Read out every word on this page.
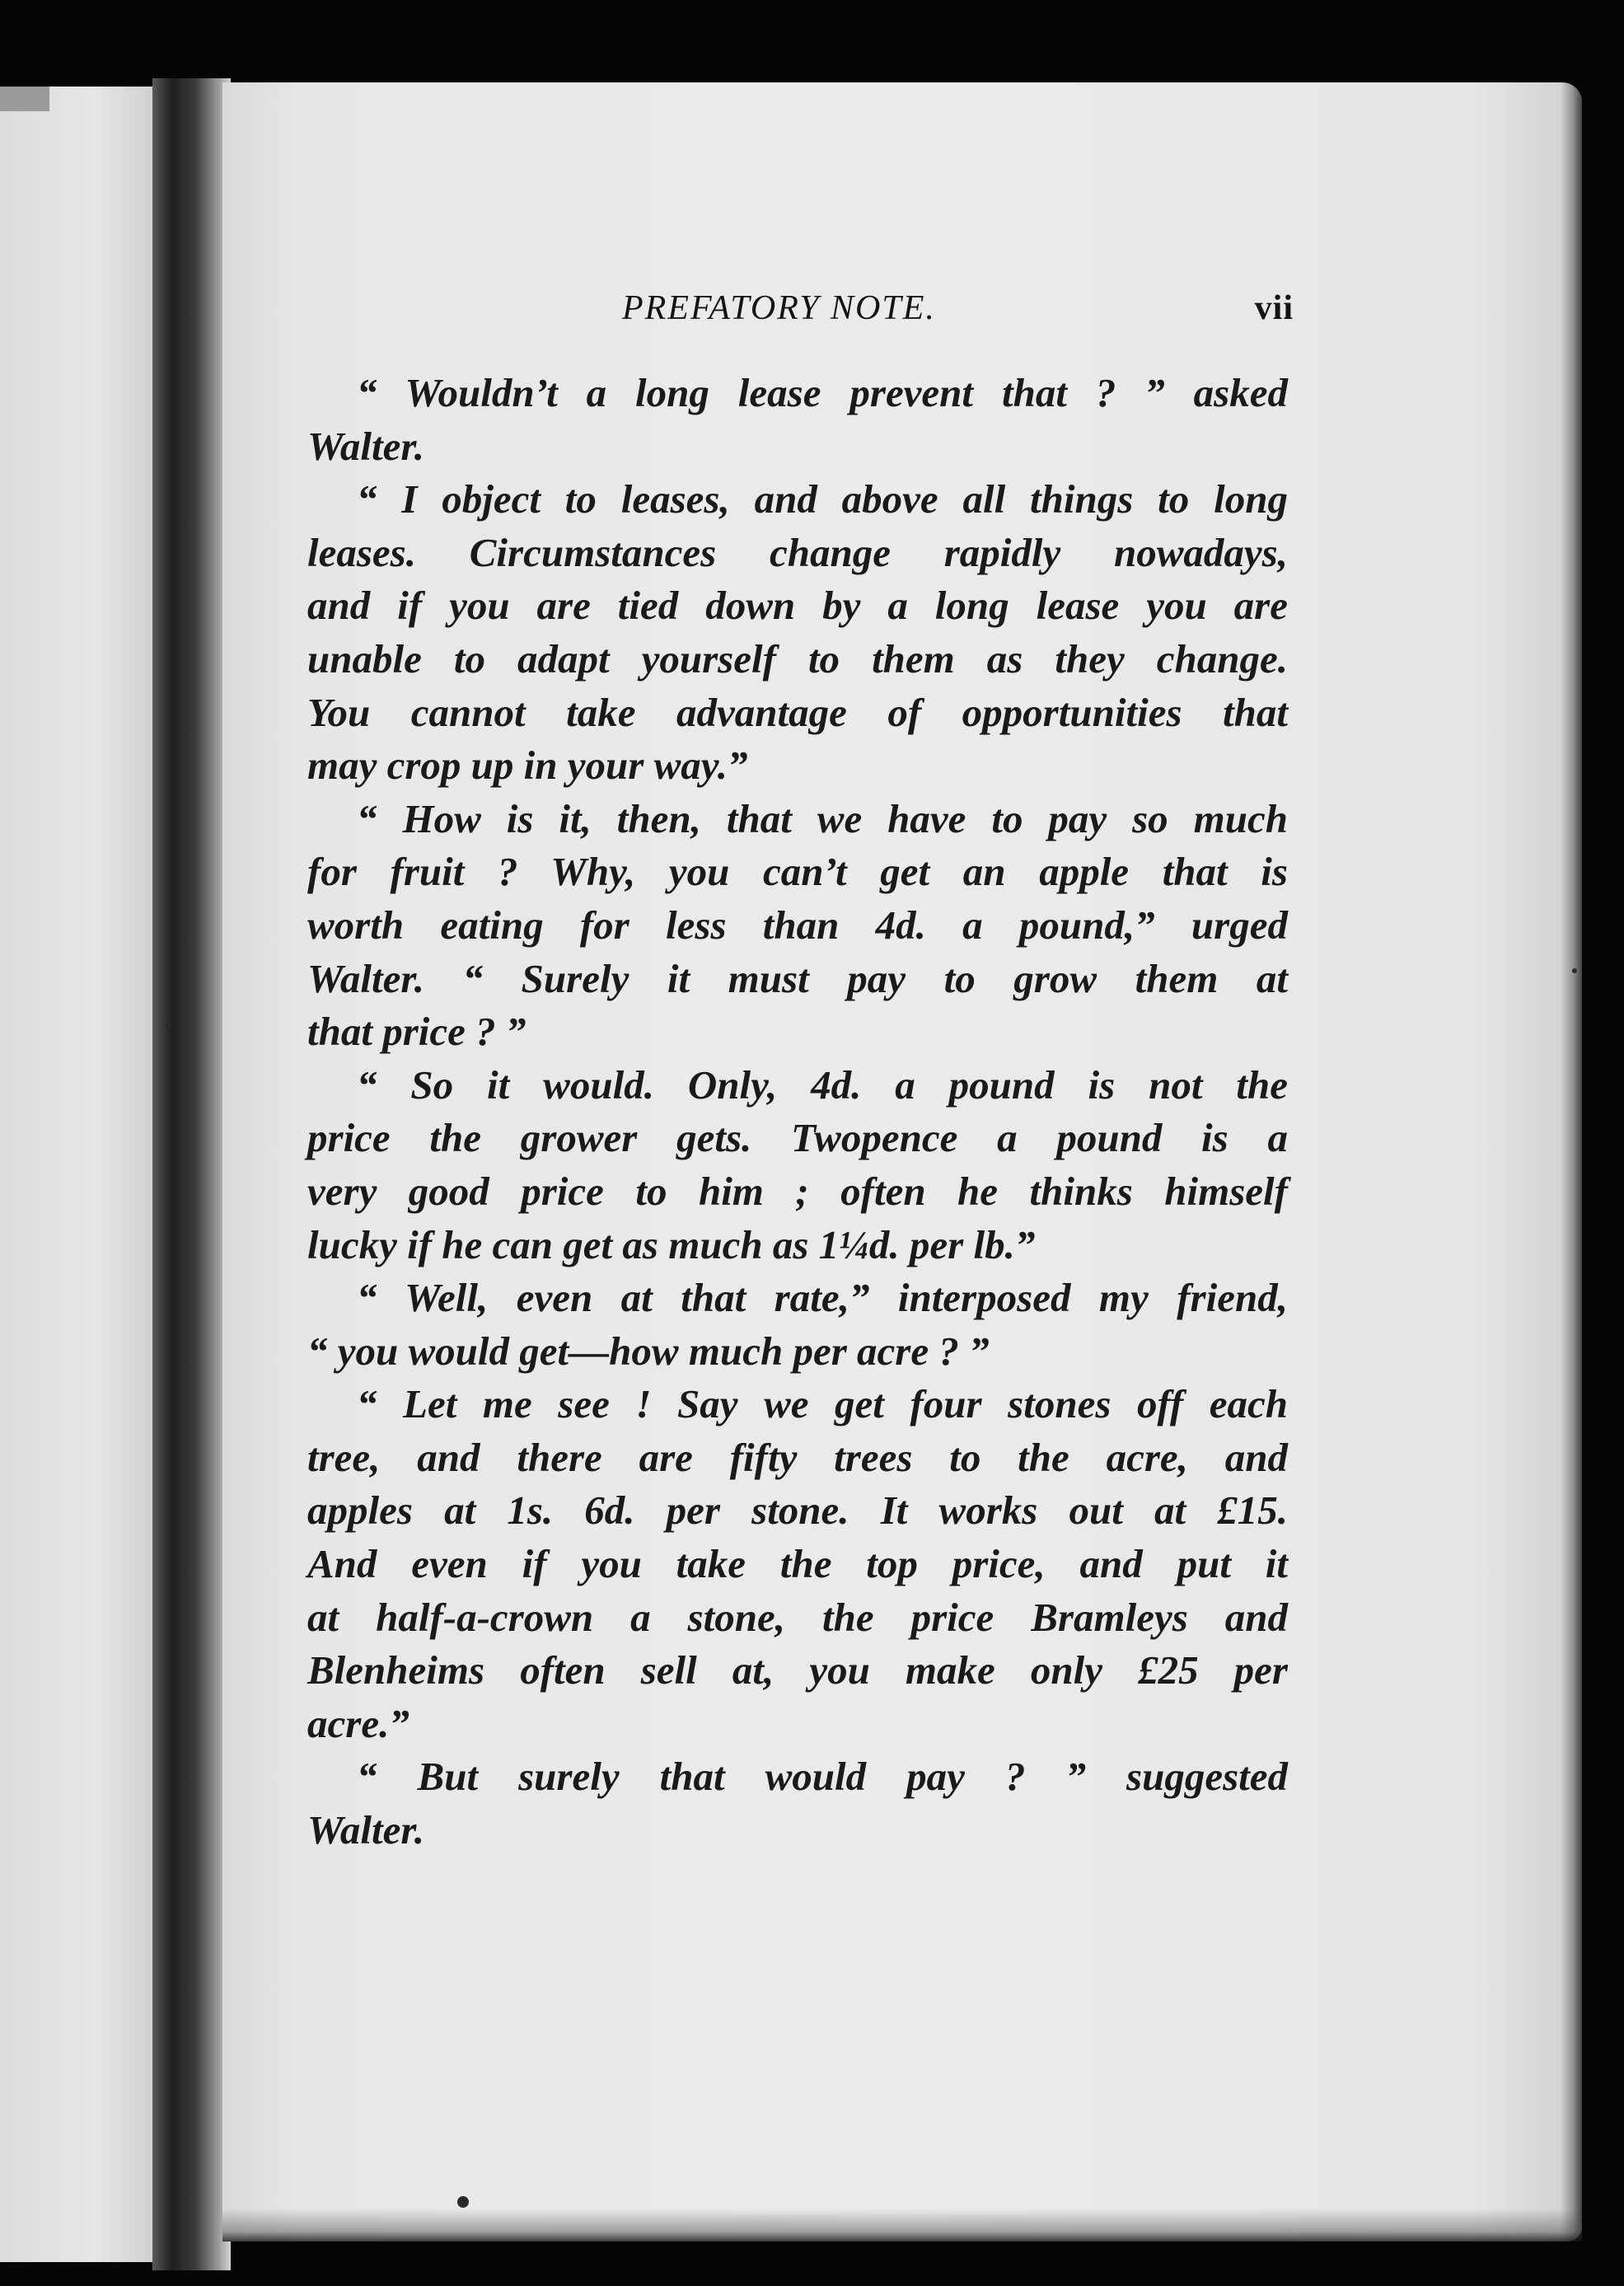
PREFATORY NOTE.	vii
“ Wouldn’t a long lease prevent that ? ” asked
Walter.
“ I object to leases, and above all things to long
leases. Circumstances change rapidly nowadays,
and if you are tied down by a long lease you are
unable to adapt yourself to them as they change.
You cannot take advantage of opportunities that
may crop up in your way.”
“ How is it, then, that we have to pay so much
for fruit ? Why, you can’t get an apple that is
worth eating for less than 4d. a pound,” urged
Walter. “ Surely it must pay to grow them at
that price ? ”
“ So it would. Only, 4d. a pound is not the
price the grower gets. Twopence a pound is a
very good price to him ; often he thinks himself
lucky if he can get as much as 1¼d. per lb.”
“ Well, even at that rate,” interposed my friend,
“ you would get—how much per acre ? ”
“ Let me see ! Say we get four stones off each
tree, and there are fifty trees to the acre, and
apples at 1s. 6d. per stone. It works out at £15.
And even if you take the top price, and put it
at half-a-crown a stone, the price Bramleys and
Blenheims often sell at, you make only £25 per
acre.”
“ But surely that would pay ? ” suggested
Walter.
